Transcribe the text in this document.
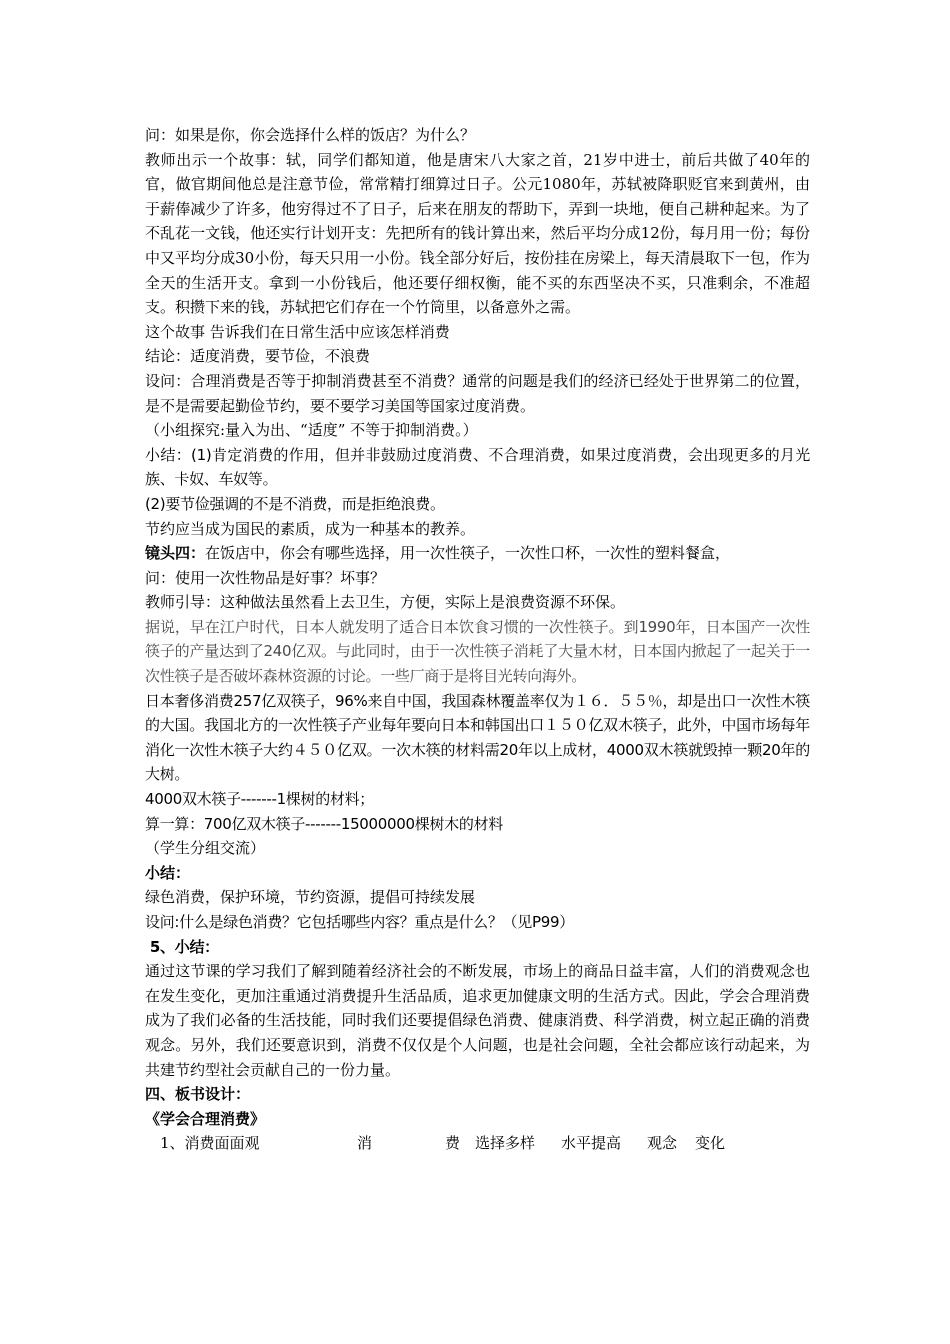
问：如果是你，你会选择什么样的饭店？为什么？

教师出示一个故事：轼，同学们都知道，他是唐宋八大家之首，21岁中进士，前后共做了40年的官，做官期间他总是注意节俭，常常精打细算过日子。公元1080年，苏轼被降职贬官来到黄州，由于薪俸减少了许多，他穷得过不了日子，后来在朋友的帮助下，弄到一块地，便自己耕种起来。为了不乱花一文钱，他还实行计划开支：先把所有的钱计算出来，然后平均分成12份，每月用一份；每份中又平均分成30小份，每天只用一小份。钱全部分好后，按份挂在房梁上，每天清晨取下一包，作为全天的生活开支。拿到一小份钱后，他还要仔细权衡，能不买的东西坚决不买，只准剩余，不准超支。积攒下来的钱，苏轼把它们存在一个竹筒里，以备意外之需。

这个故事 告诉我们在日常生活中应该怎样消费

结论：适度消费，要节俭，不浪费

设问：合理消费是否等于抑制消费甚至不消费？通常的问题是我们的经济已经处于世界第二的位置，是不是需要起勤俭节约，要不要学习美国等国家过度消费。

（小组探究:量入为出、“适度” 不等于抑制消费。）

小结：(1)肯定消费的作用，但并非鼓励过度消费、不合理消费，如果过度消费，会出现更多的月光族、卡奴、车奴等。

(2)要节俭强调的不是不消费，而是拒绝浪费。

节约应当成为国民的素质，成为一种基本的教养。

镜头四：在饭店中，你会有哪些选择，用一次性筷子，一次性口杯，一次性的塑料餐盒，

问：使用一次性物品是好事？坏事？

教师引导：这种做法虽然看上去卫生，方便，实际上是浪费资源不环保。

据说，早在江户时代，日本人就发明了适合日本饮食习惯的一次性筷子。到1990年，日本国产一次性筷子的产量达到了240亿双。与此同时，由于一次性筷子消耗了大量木材，日本国内掀起了一起关于一次性筷子是否破坏森林资源的讨论。一些厂商于是将目光转向海外。

日本奢侈消费257亿双筷子，96%来自中国，我国森林覆盖率仅为１６．５５％，却是出口一次性木筷的大国。我国北方的一次性筷子产业每年要向日本和韩国出口１５０亿双木筷子，此外，中国市场每年消化一次性木筷子大约４５０亿双。一次木筷的材料需20年以上成材，4000双木筷就毁掉一颗20年的大树。

4000双木筷子-------1棵树的材料；

算一算：700亿双木筷子-------15000000棵树木的材料

（学生分组交流）

小结：

绿色消费，保护环境，节约资源，提倡可持续发展

设问:什么是绿色消费？它包括哪些内容？重点是什么？（见P99）

5、小结：

通过这节课的学习我们了解到随着经济社会的不断发展，市场上的商品日益丰富，人们的消费观念也在发生变化，更加注重通过消费提升生活品质，追求更加健康文明的生活方式。因此，学会合理消费成为了我们必备的生活技能，同时我们还要提倡绿色消费、健康消费、科学消费，树立起正确的消费观念。另外，我们还要意识到，消费不仅仅是个人问题，也是社会问题，全社会都应该行动起来，为共建节约型社会贡献自己的一份力量。

四、板书设计：

《学会合理消费》

1、消费面面观	消	费 选择多样	水平提高	观念	变化
